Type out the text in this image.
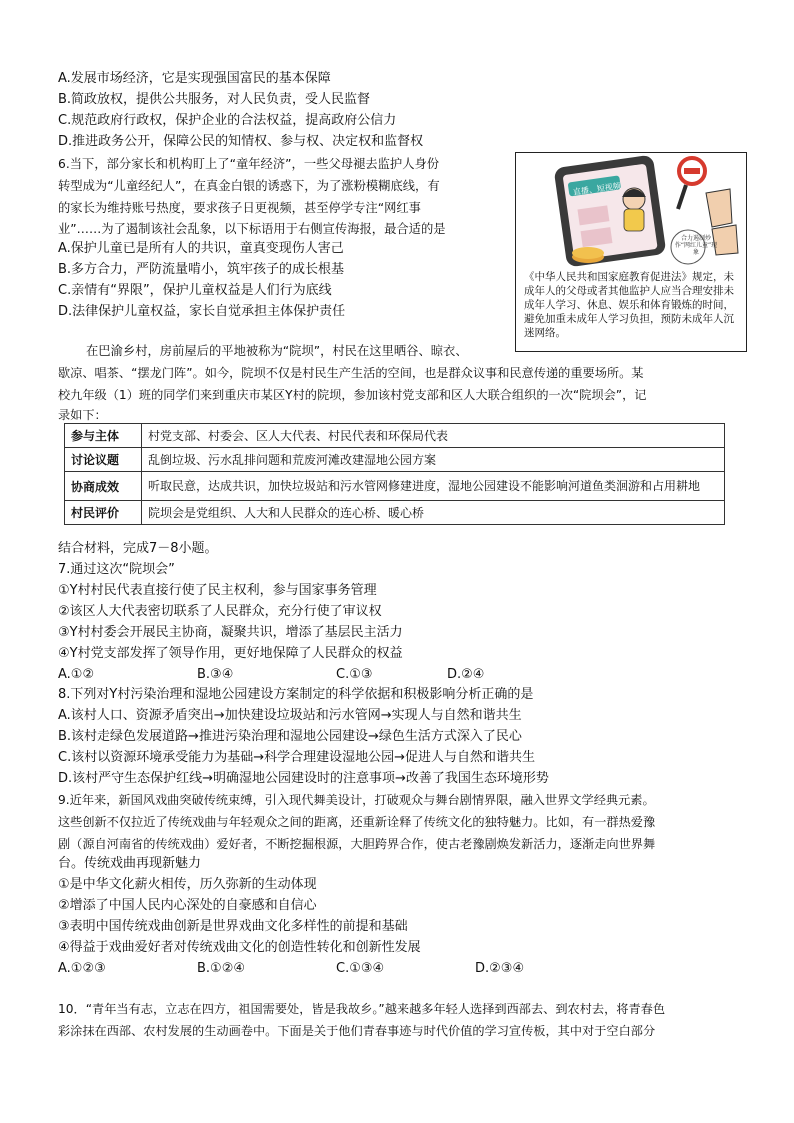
A.发展市场经济，它是实现强国富民的基本保障
B.简政放权，提供公共服务，对人民负责，受人民监督
C.规范政府行政权，保护企业的合法权益，提高政府公信力
D.推进政务公开，保障公民的知情权、参与权、决定权和监督权
6.当下，部分家长和机构盯上了“童年经济”，一些父母褪去监护人身份
转型成为“儿童经纪人”，在真金白银的诱惑下，为了涨粉模糊底线，有
的家长为维持账号热度，要求孩子日更视频，甚至停学专注“网红事
业”……为了遏制该社会乱象，以下标语用于右侧宣传海报，最合适的是
A.保护儿童已是所有人的共识，童真变现伤人害己
B.多方合力，严防流量啃小，筑牢孩子的成长根基
C.亲情有“界限”，保护儿童权益是人们行为底线
D.法律保护儿童权益，家长自觉承担主体保护责任
直播、短视频
合力遏制炒作“网红儿童”现象
《中华人民共和国家庭教育促进法》规定，未成年人的父母或者其他监护人应当合理安排未成年人学习、休息、娱乐和体育锻炼的时间，避免加重未成年人学习负担，预防未成年人沉迷网络。
在巴渝乡村，房前屋后的平地被称为“院坝”，村民在这里晒谷、晾衣、
歇凉、唱茶、“摆龙门阵”。如今，院坝不仅是村民生产生活的空间，也是群众议事和民意传递的重要场所。某
校九年级（1）班的同学们来到重庆市某区Y村的院坝，参加该村党支部和区人大联合组织的一次“院坝会”，记
录如下：
参与主体	村党支部、村委会、区人大代表、村民代表和环保局代表
讨论议题	乱倒垃圾、污水乱排问题和荒废河滩改建湿地公园方案
协商成效	听取民意，达成共识，加快垃圾站和污水管网修建进度，湿地公园建设不能影响河道鱼类洄游和占用耕地
村民评价	院坝会是党组织、人大和人民群众的连心桥、暖心桥
结合材料，完成7－8小题。
7.通过这次“院坝会”
①Y村村民代表直接行使了民主权利，参与国家事务管理
②该区人大代表密切联系了人民群众，充分行使了审议权
③Y村村委会开展民主协商，凝聚共识，增添了基层民主活力
④Y村党支部发挥了领导作用，更好地保障了人民群众的权益
A.①②	B.③④	C.①③	D.②④
8.下列对Y村污染治理和湿地公园建设方案制定的科学依据和积极影响分析正确的是
A.该村人口、资源矛盾突出→加快建设垃圾站和污水管网→实现人与自然和谐共生
B.该村走绿色发展道路→推进污染治理和湿地公园建设→绿色生活方式深入了民心
C.该村以资源环境承受能力为基础→科学合理建设湿地公园→促进人与自然和谐共生
D.该村严守生态保护红线→明确湿地公园建设时的注意事项→改善了我国生态环境形势
9.近年来，新国风戏曲突破传统束缚，引入现代舞美设计，打破观众与舞台剧情界限，融入世界文学经典元素。
这些创新不仅拉近了传统戏曲与年轻观众之间的距离，还重新诠释了传统文化的独特魅力。比如，有一群热爱豫
剧（源自河南省的传统戏曲）爱好者，不断挖掘根源，大胆跨界合作，使古老豫剧焕发新活力，逐渐走向世界舞
台。传统戏曲再现新魅力
①是中华文化薪火相传，历久弥新的生动体现
②增添了中国人民内心深处的自豪感和自信心
③表明中国传统戏曲创新是世界戏曲文化多样性的前提和基础
④得益于戏曲爱好者对传统戏曲文化的创造性转化和创新性发展
A.①②③	B.①②④	C.①③④	D.②③④
10．“青年当有志，立志在四方，祖国需要处，皆是我故乡。”越来越多年轻人选择到西部去、到农村去，将青春色
彩涂抹在西部、农村发展的生动画卷中。下面是关于他们青春事迹与时代价值的学习宣传板，其中对于空白部分
